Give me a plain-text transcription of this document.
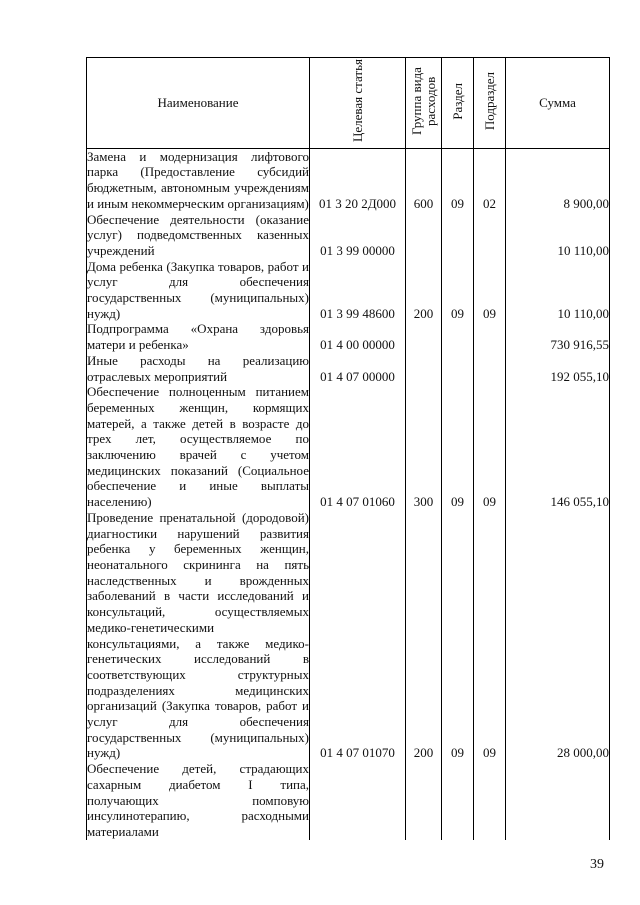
Наименование	Целевая статья	Группа вида расходов	Раздел	Подраздел	Сумма
Замена и модернизация лифтового парка (Предоставление субсидий бюджетным, автономным учреждениям и иным некоммерческим организациям)	01 3 20 2Д000	600	09	02	8 900,00
Обеспечение деятельности (оказание услуг) подведомственных казенных учреждений	01 3 99 00000				10 110,00
Дома ребенка (Закупка товаров, работ и услуг для обеспечения государственных (муниципальных) нужд)	01 3 99 48600	200	09	09	10 110,00
Подпрограмма «Охрана здоровья матери и ребенка»	01 4 00 00000				730 916,55
Иные расходы на реализацию отраслевых мероприятий	01 4 07 00000				192 055,10
Обеспечение полноценным питанием беременных женщин, кормящих матерей, а также детей в возрасте до трех лет, осуществляемое по заключению врачей с учетом медицинских показаний (Социальное обеспечение и иные выплаты населению)	01 4 07 01060	300	09	09	146 055,10
Проведение пренатальной (дородовой) диагностики нарушений развития ребенка у беременных женщин, неонатального скрининга на пять наследственных и врожденных заболеваний в части исследований и консультаций, осуществляемых медико-генетическими консультациями, а также медико-генетических исследований в соответствующих структурных подразделениях медицинских организаций (Закупка товаров, работ и услуг для обеспечения государственных (муниципальных) нужд)	01 4 07 01070	200	09	09	28 000,00
Обеспечение детей, страдающих сахарным диабетом I типа, получающих помповую инсулинотерапию, расходными материалами					
39
